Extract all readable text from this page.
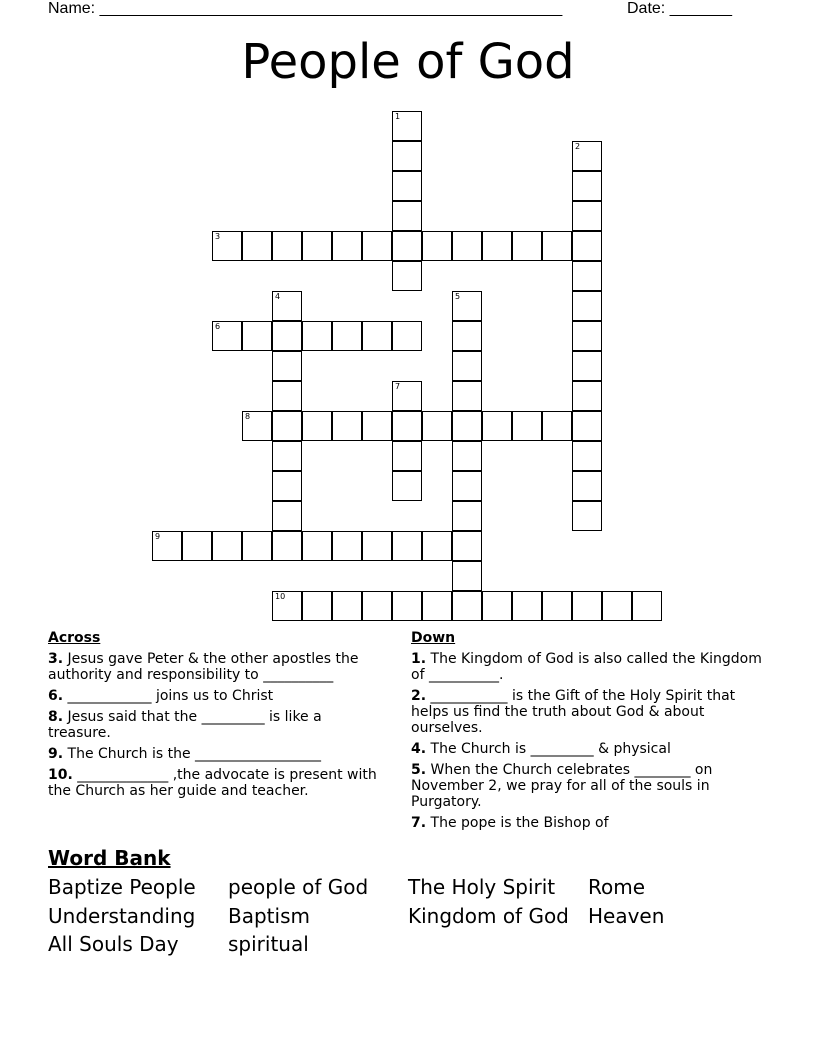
Name: ____________________________________________________	Date: _______
People of God
1
2
3
4	5
6
7
8
9
10
Across
3. Jesus gave Peter & the other apostles the authority and responsibility to __________
6. ____________ joins us to Christ
8. Jesus said that the _________ is like a treasure.
9. The Church is the __________________
10. _____________ ,the advocate is present with the Church as her guide and teacher.
Down
1. The Kingdom of God is also called the Kingdom of __________.
2. ___________ is the Gift of the Holy Spirit that helps us find the truth about God & about ourselves.
4. The Church is _________ & physical
5. When the Church celebrates ________ on November 2, we pray for all of the souls in Purgatory.
7. The pope is the Bishop of
Word Bank
Baptize People people of God The Holy Spirit Rome
Understanding Baptism	Kingdom of God Heaven
All Souls Day spiritual
